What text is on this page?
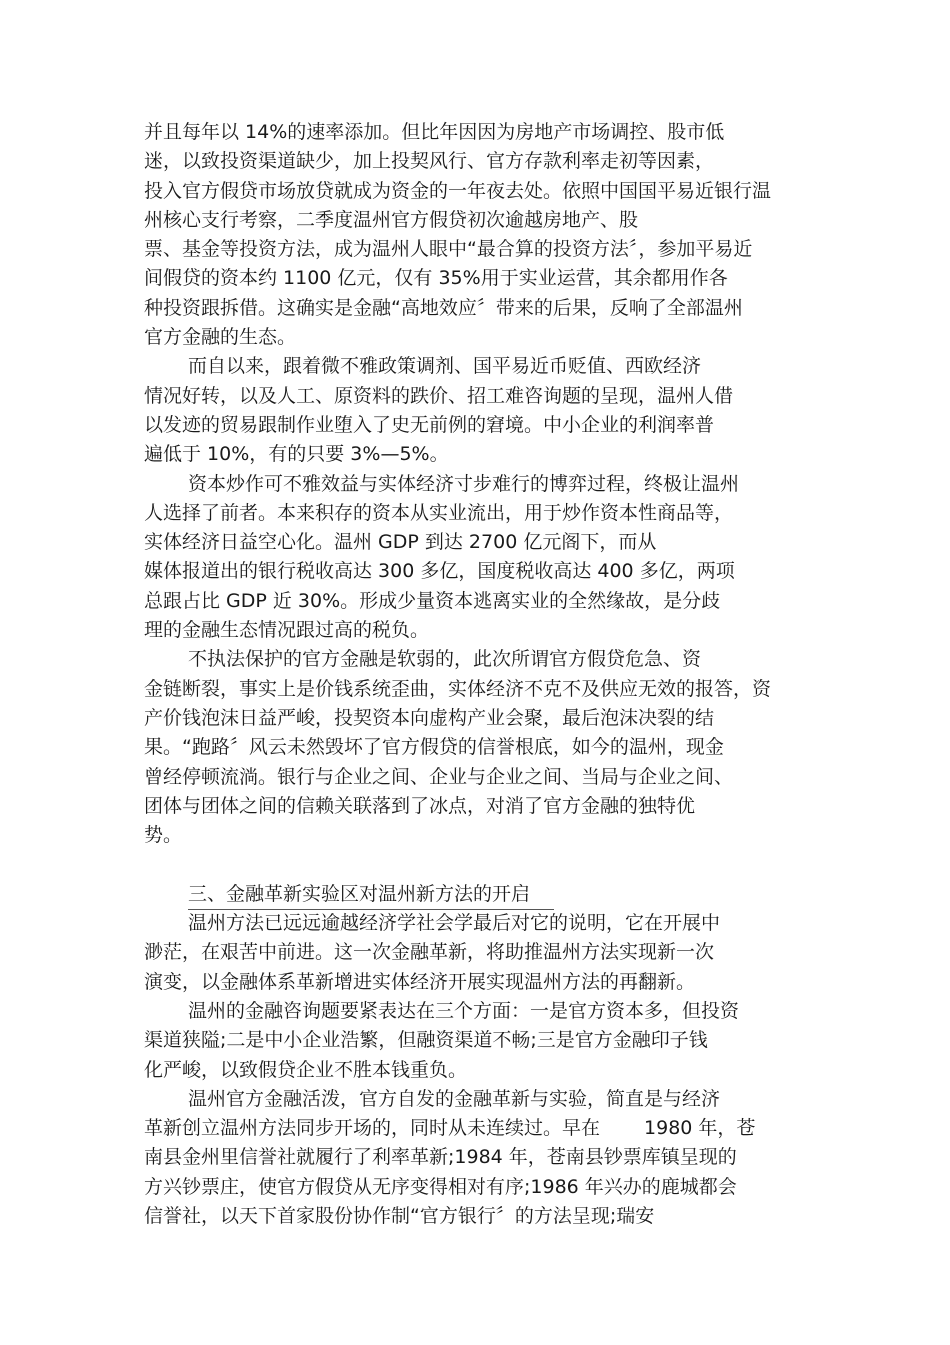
并且每年以 14%的速率添加。但比年因因为房地产市场调控、股市低
迷，以致投资渠道缺少，加上投契风行、官方存款利率走初等因素，
投入官方假贷市场放贷就成为资金的一年夜去处。依照中国国平易近银行温
州核心支行考察，二季度温州官方假贷初次逾越房地产、股
票、基金等投资方法，成为温州人眼中“最合算的投资方法〞，参加平易近
间假贷的资本约 1100 亿元，仅有 35%用于实业运营，其余都用作各
种投资跟拆借。这确实是金融“高地效应〞带来的后果，反响了全部温州
官方金融的生态。
而自以来，跟着微不雅政策调剂、国平易近币贬值、西欧经济
情况好转，以及人工、原资料的跌价、招工难咨询题的呈现，温州人借
以发迹的贸易跟制作业堕入了史无前例的窘境。中小企业的利润率普
遍低于 10%，有的只要 3%—5%。
资本炒作可不雅效益与实体经济寸步难行的博弈过程，终极让温州
人选择了前者。本来积存的资本从实业流出，用于炒作资本性商品等，
实体经济日益空心化。温州 GDP 到达 2700 亿元阁下，而从
媒体报道出的银行税收高达 300 多亿，国度税收高达 400 多亿，两项
总跟占比 GDP 近 30%。形成少量资本逃离实业的全然缘故，是分歧
理的金融生态情况跟过高的税负。
不执法保护的官方金融是软弱的，此次所谓官方假贷危急、资
金链断裂，事实上是价钱系统歪曲，实体经济不克不及供应无效的报答，资
产价钱泡沫日益严峻，投契资本向虚构产业会聚，最后泡沫决裂的结
果。“跑路〞风云未然毁坏了官方假贷的信誉根底，如今的温州，现金
曾经停顿流淌。银行与企业之间、企业与企业之间、当局与企业之间、
团体与团体之间的信赖关联落到了冰点，对消了官方金融的独特优
势。
三、金融革新实验区对温州新方法的开启
温州方法已远远逾越经济学社会学最后对它的说明，它在开展中
渺茫，在艰苦中前进。这一次金融革新，将助推温州方法实现新一次
演变，以金融体系革新增进实体经济开展实现温州方法的再翻新。
温州的金融咨询题要紧表达在三个方面：一是官方资本多，但投资
渠道狭隘;二是中小企业浩繁，但融资渠道不畅;三是官方金融印子钱
化严峻，以致假贷企业不胜本钱重负。
温州官方金融活泼，官方自发的金融革新与实验，简直是与经济
革新创立温州方法同步开场的，同时从未连续过。早在 1980 年，苍
南县金州里信誉社就履行了利率革新;1984 年，苍南县钞票库镇呈现的
方兴钞票庄，使官方假贷从无序变得相对有序;1986 年兴办的鹿城都会
信誉社，以天下首家股份协作制“官方银行〞的方法呈现;瑞安
